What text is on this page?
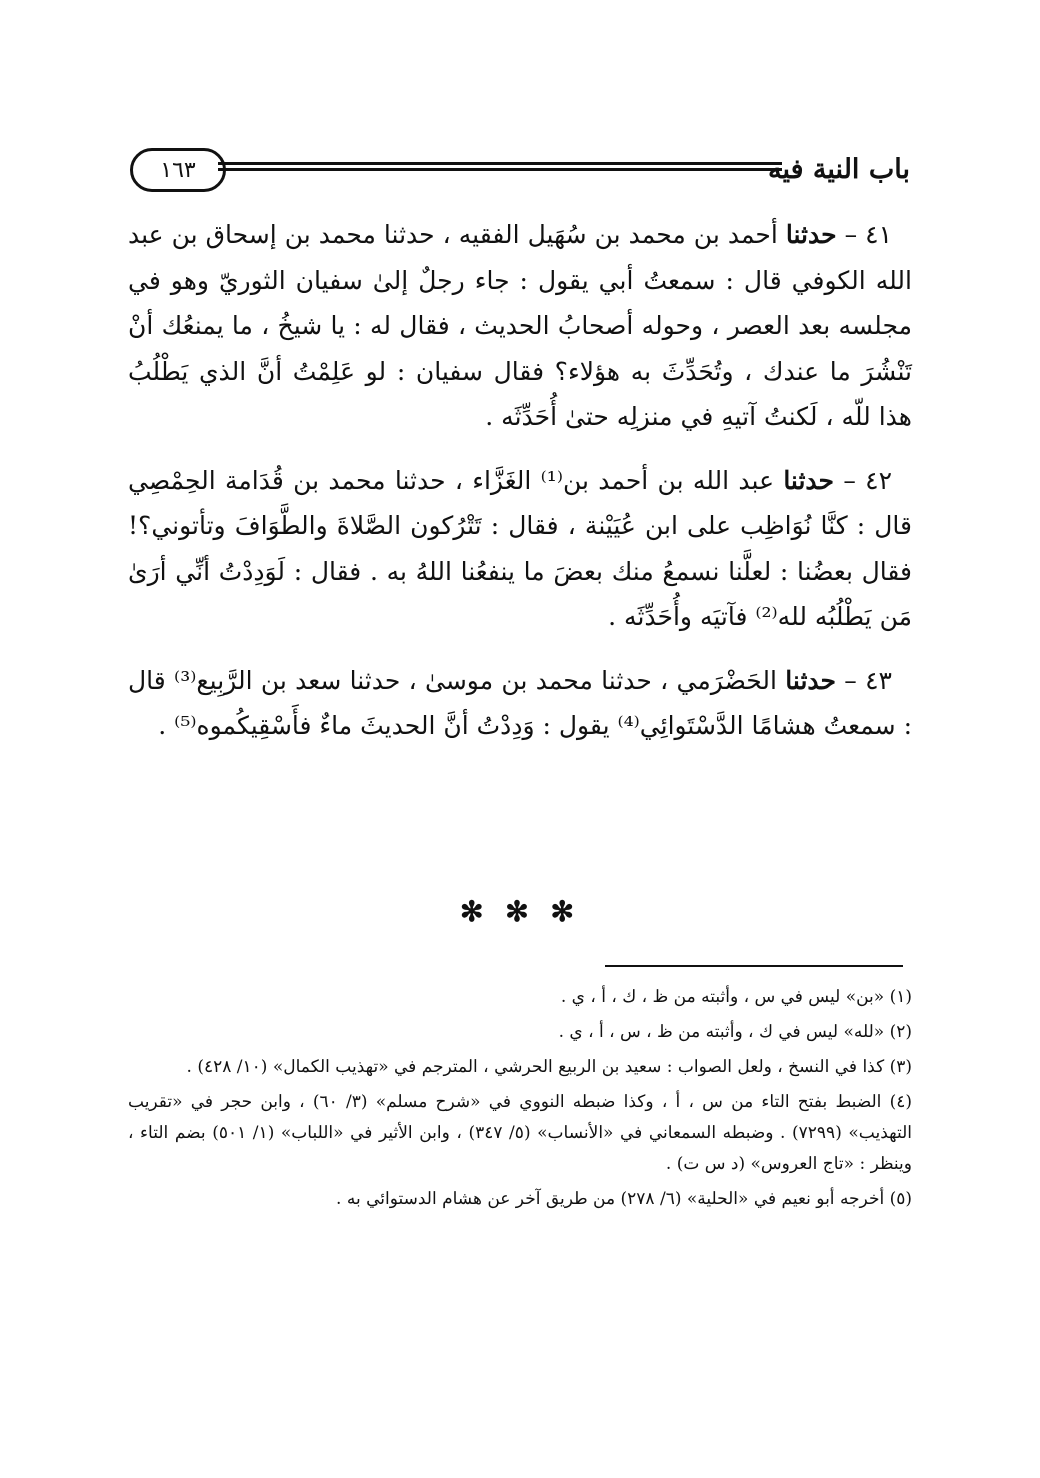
١٦٣	باب النية فيه

٤١ – حدثنا أحمد بن محمد بن سُهَيل الفقيه ، حدثنا محمد بن إسحاق بن عبد الله الكوفي قال : سمعتُ أبي يقول : جاء رجلٌ إلىٰ سفيان الثوريّ وهو في مجلسه بعد العصر ، وحوله أصحابُ الحديث ، فقال له : يا شيخُ ، ما يمنعُك أنْ تَنْشُرَ ما عندك ، وتُحَدِّثَ به هؤلاء؟ فقال سفيان : لو عَلِمْتُ أنَّ الذي يَطْلُبُ هذا للّه ، لَكنتُ آتيهِ في منزلِه حتىٰ أُحَدِّثَه .

٤٢ – حدثنا عبد الله بن أحمد بن⁽¹⁾ الغَزَّاء ، حدثنا محمد بن قُدَامة الحِمْصِي قال : كنَّا نُوَاظِب على ابن عُيَيْنة ، فقال : تَتْرُكون الصَّلاةَ والطَّوَافَ وتأتوني؟! فقال بعضُنا : لعلَّنا نسمعُ منك بعضَ ما ينفعُنا اللهُ به . فقال : لَوَدِدْتُ أنِّي أرَىٰ مَن يَطْلُبُه لله⁽²⁾ فآتيَه وأُحَدِّثَه .

٤٣ – حدثنا الحَضْرَمي ، حدثنا محمد بن موسىٰ ، حدثنا سعد بن الرَّبِيع⁽³⁾ قال : سمعتُ هشامًا الدَّسْتَوائِي⁽⁴⁾ يقول : وَدِدْتُ أنَّ الحديثَ ماءٌ فأَسْقِيكُموه⁽⁵⁾ .

✻ ✻ ✻

(١) «بن» ليس في س ، وأثبته من ظ ، ك ، أ ، ي .

(٢) «لله» ليس في ك ، وأثبته من ظ ، س ، أ ، ي .

(٣) كذا في النسخ ، ولعل الصواب : سعيد بن الربيع الحرشي ، المترجم في «تهذيب الكمال» (١٠/ ٤٢٨) .

(٤) الضبط بفتح التاء من س ، أ ، وكذا ضبطه النووي في «شرح مسلم» (٣/ ٦٠) ، وابن حجر في «تقريب التهذيب» (٧٢٩٩) . وضبطه السمعاني في «الأنساب» (٥/ ٣٤٧) ، وابن الأثير في «اللباب» (١/ ٥٠١) بضم التاء ، وينظر : «تاج العروس» (د س ت) .

(٥) أخرجه أبو نعيم في «الحلية» (٦/ ٢٧٨) من طريق آخر عن هشام الدستوائي به .
